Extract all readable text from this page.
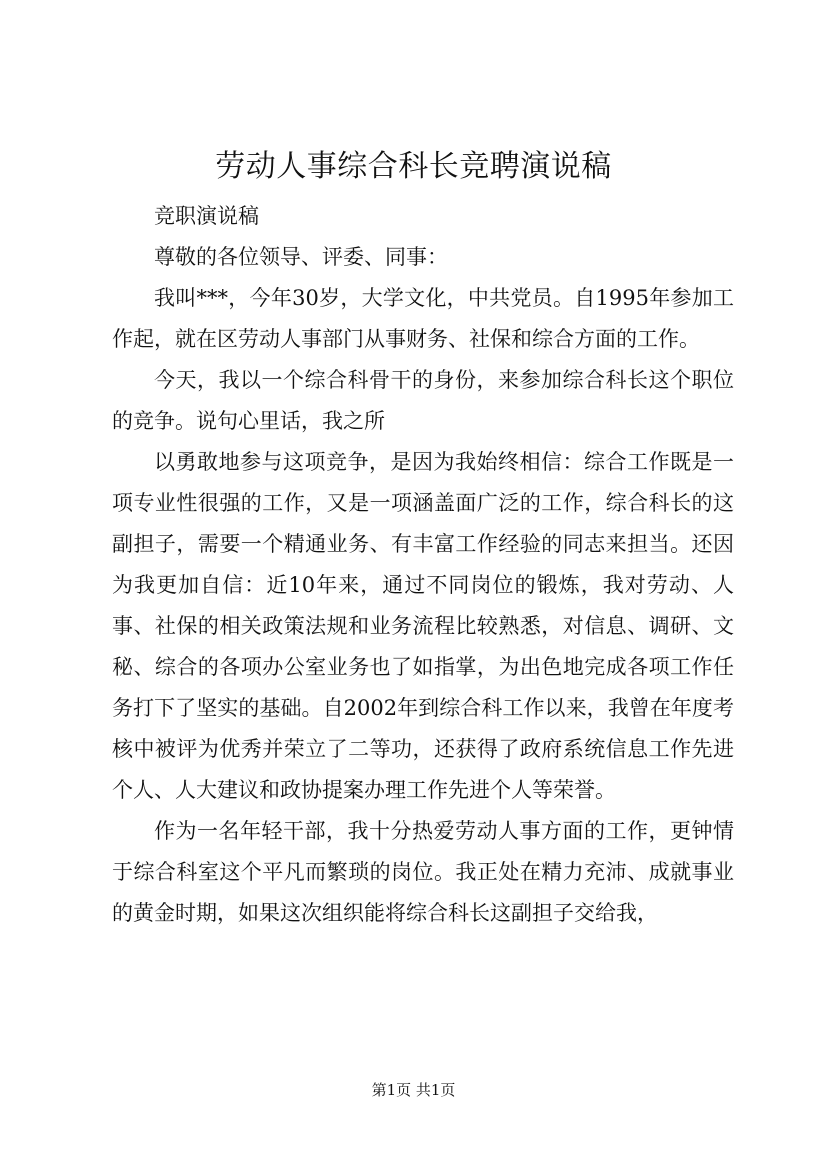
劳动人事综合科长竞聘演说稿

竞职演说稿

尊敬的各位领导、评委、同事：

我叫***，今年30岁，大学文化，中共党员。自1995年参加工作起，就在区劳动人事部门从事财务、社保和综合方面的工作。

今天，我以一个综合科骨干的身份，来参加综合科长这个职位的竞争。说句心里话，我之所

以勇敢地参与这项竞争，是因为我始终相信：综合工作既是一项专业性很强的工作，又是一项涵盖面广泛的工作，综合科长的这副担子，需要一个精通业务、有丰富工作经验的同志来担当。还因为我更加自信：近10年来，通过不同岗位的锻炼，我对劳动、人事、社保的相关政策法规和业务流程比较熟悉，对信息、调研、文秘、综合的各项办公室业务也了如指掌，为出色地完成各项工作任务打下了坚实的基础。自2002年到综合科工作以来，我曾在年度考核中被评为优秀并荣立了二等功，还获得了政府系统信息工作先进个人、人大建议和政协提案办理工作先进个人等荣誉。

作为一名年轻干部，我十分热爱劳动人事方面的工作，更钟情于综合科室这个平凡而繁琐的岗位。我正处在精力充沛、成就事业的黄金时期，如果这次组织能将综合科长这副担子交给我，

第1页 共1页
